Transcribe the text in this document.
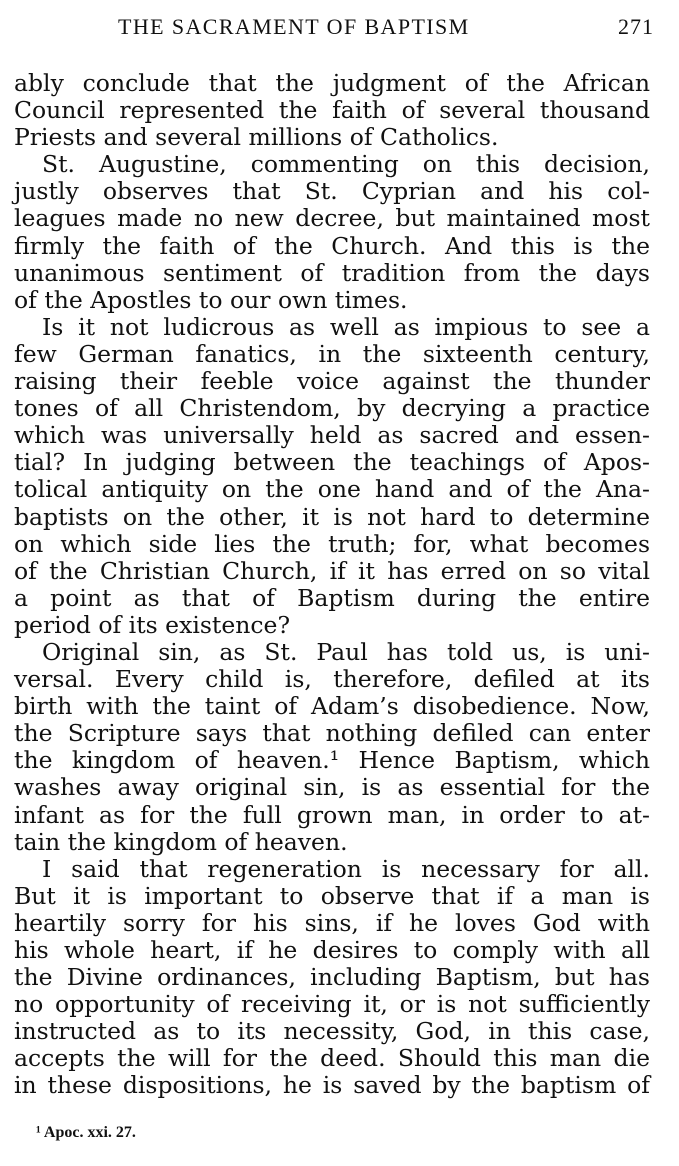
THE SACRAMENT OF BAPTISM	271
ably conclude that the judgment of the African
Council represented the faith of several thousand
Priests and several millions of Catholics.
St. Augustine, commenting on this decision,
justly observes that St. Cyprian and his col-
leagues made no new decree, but maintained most
firmly the faith of the Church. And this is the
unanimous sentiment of tradition from the days
of the Apostles to our own times.
Is it not ludicrous as well as impious to see a
few German fanatics, in the sixteenth century,
raising their feeble voice against the thunder
tones of all Christendom, by decrying a practice
which was universally held as sacred and essen-
tial? In judging between the teachings of Apos-
tolical antiquity on the one hand and of the Ana-
baptists on the other, it is not hard to determine
on which side lies the truth; for, what becomes
of the Christian Church, if it has erred on so vital
a point as that of Baptism during the entire
period of its existence?
Original sin, as St. Paul has told us, is uni-
versal. Every child is, therefore, defiled at its
birth with the taint of Adam’s disobedience. Now,
the Scripture says that nothing defiled can enter
the kingdom of heaven.¹ Hence Baptism, which
washes away original sin, is as essential for the
infant as for the full grown man, in order to at-
tain the kingdom of heaven.
I said that regeneration is necessary for all.
But it is important to observe that if a man is
heartily sorry for his sins, if he loves God with
his whole heart, if he desires to comply with all
the Divine ordinances, including Baptism, but has
no opportunity of receiving it, or is not sufficiently
instructed as to its necessity, God, in this case,
accepts the will for the deed. Should this man die
in these dispositions, he is saved by the baptism of
¹ Apoc. xxi. 27.
